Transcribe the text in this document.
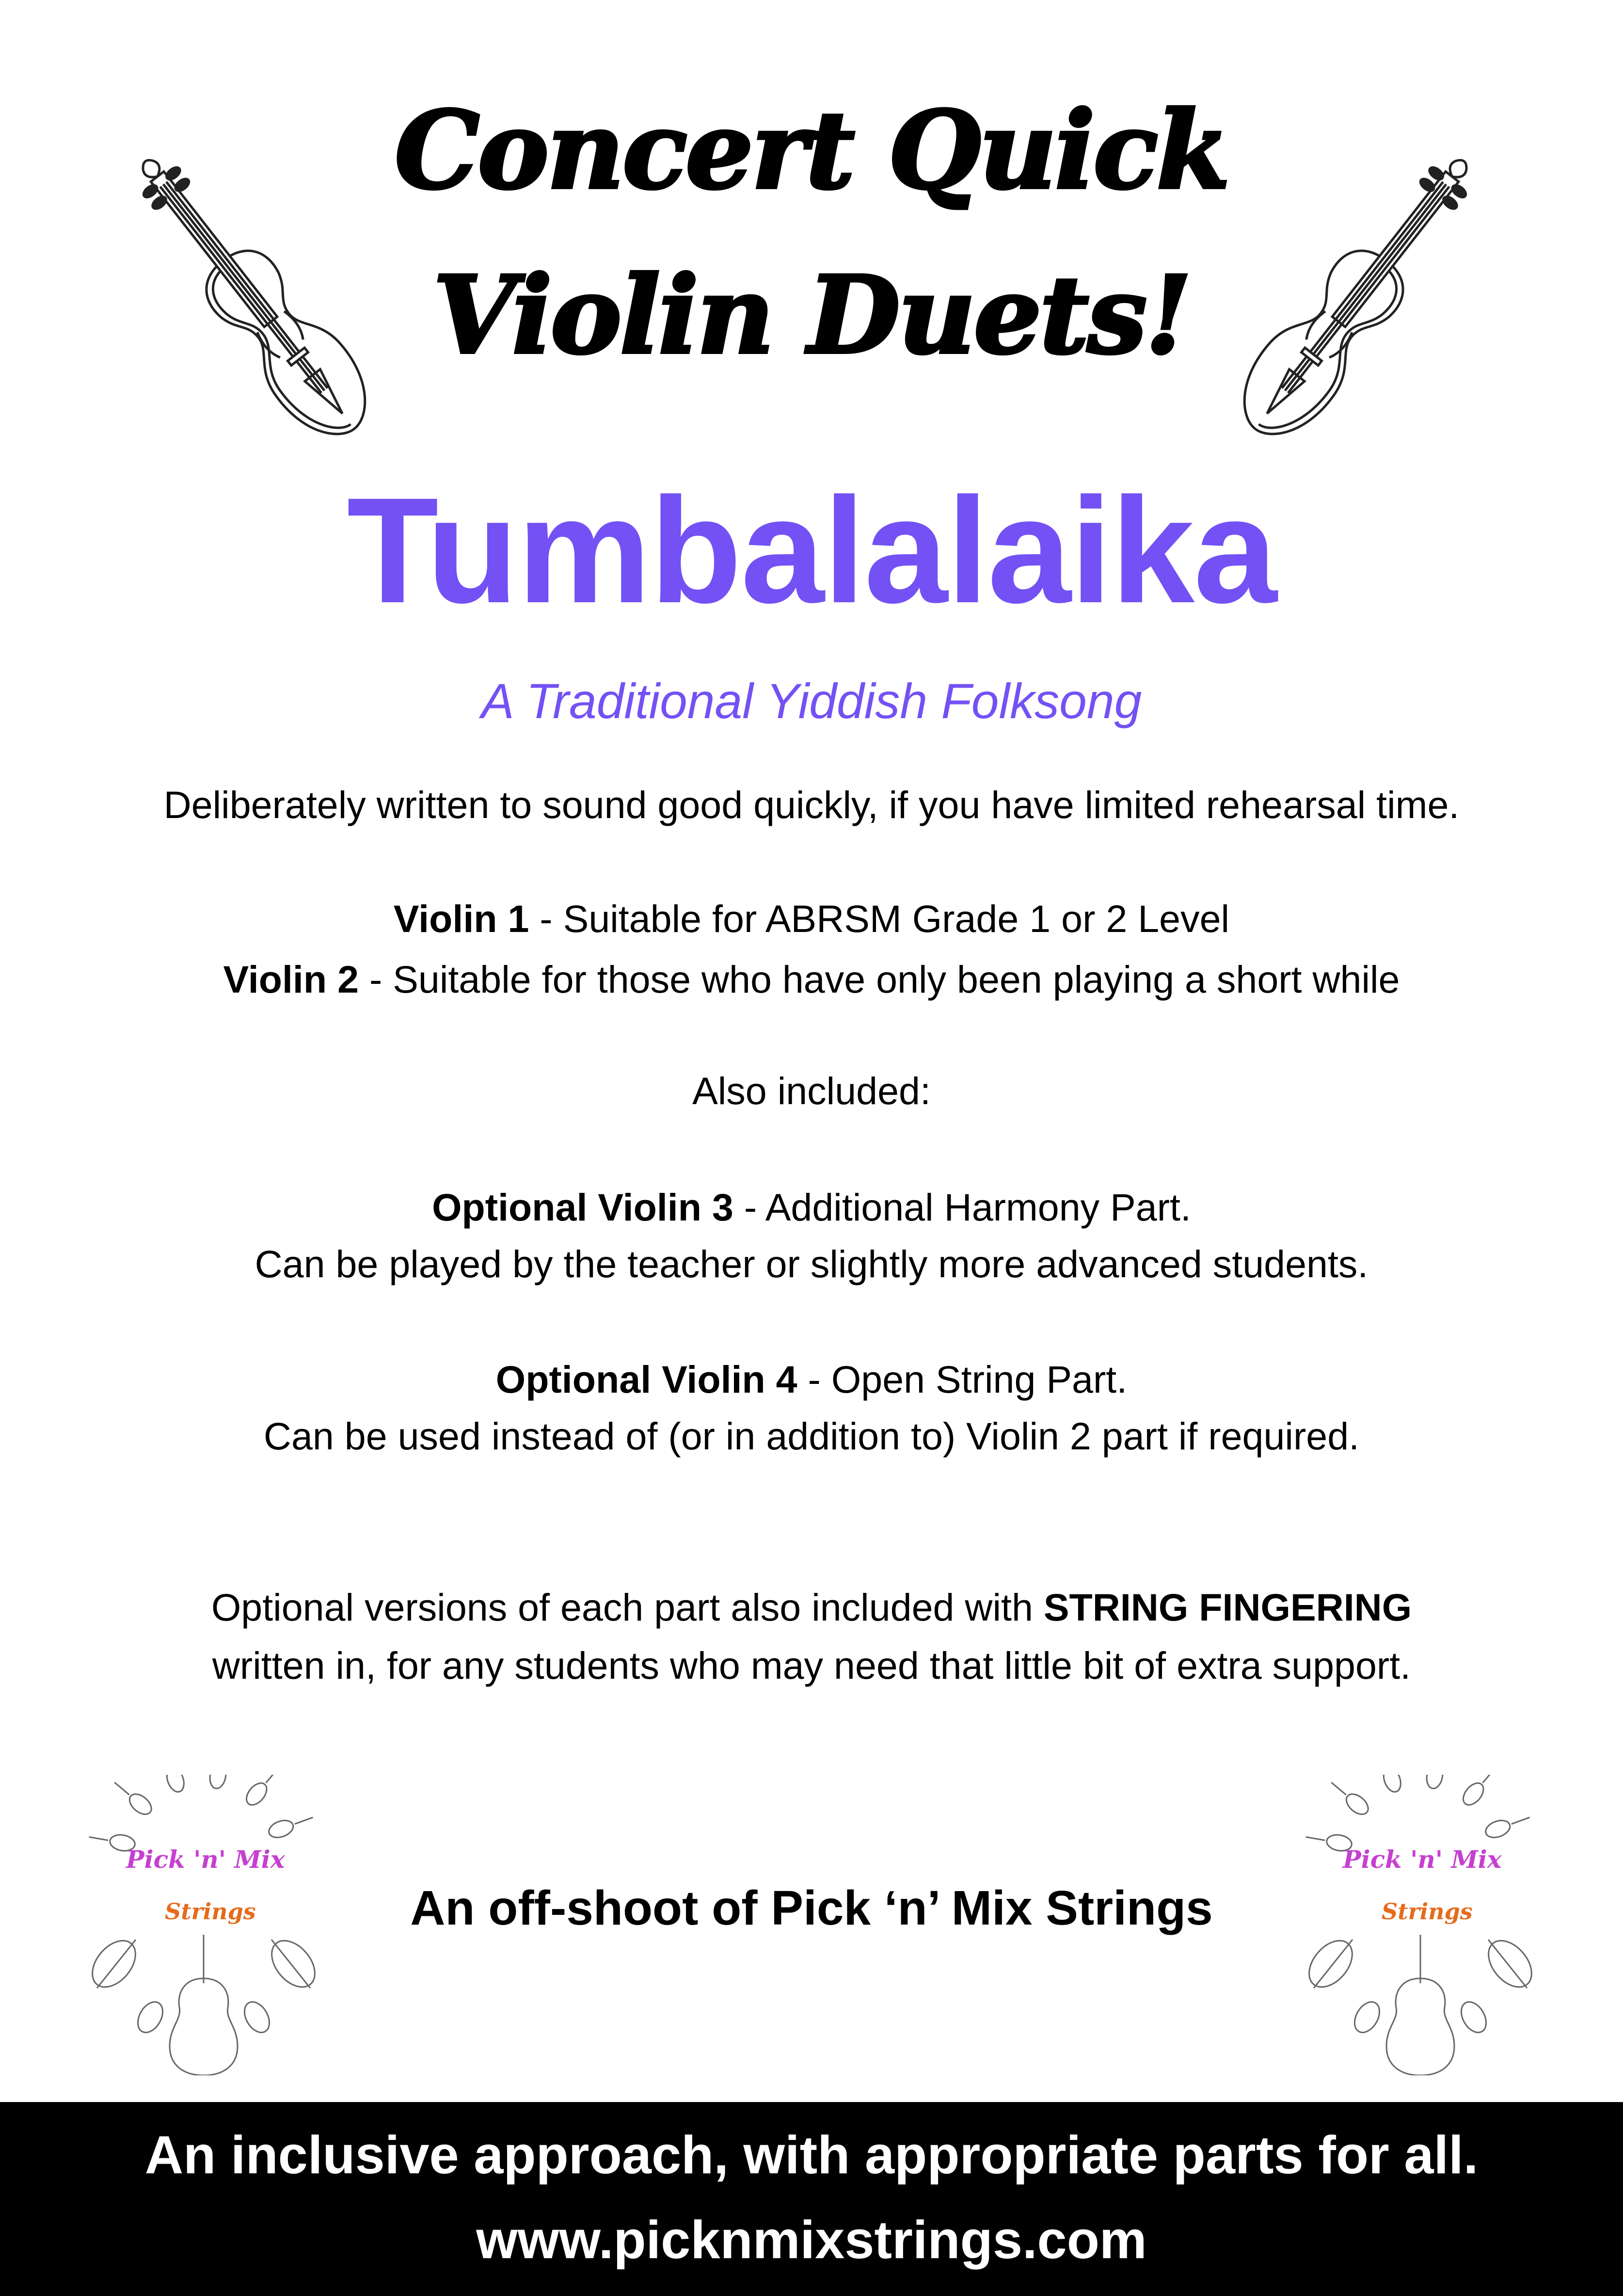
Concert Quick
Violin Duets!
Tumbalalaika
A Traditional Yiddish Folksong
Deliberately written to sound good quickly, if you have limited rehearsal time.
Violin 1 - Suitable for ABRSM Grade 1 or 2 Level
Violin 2 - Suitable for those who have only been playing a short while
Also included:
Optional Violin 3 - Additional Harmony Part.
Can be played by the teacher or slightly more advanced students.
Optional Violin 4 - Open String Part.
Can be used instead of (or in addition to) Violin 2 part if required.
Optional versions of each part also included with STRING FINGERING
written in, for any students who may need that little bit of extra support.
Pick 'n' Mix
Strings
Pick 'n' Mix
Strings
An off-shoot of Pick ‘n’ Mix Strings
An inclusive approach, with appropriate parts for all.
www.picknmixstrings.com
